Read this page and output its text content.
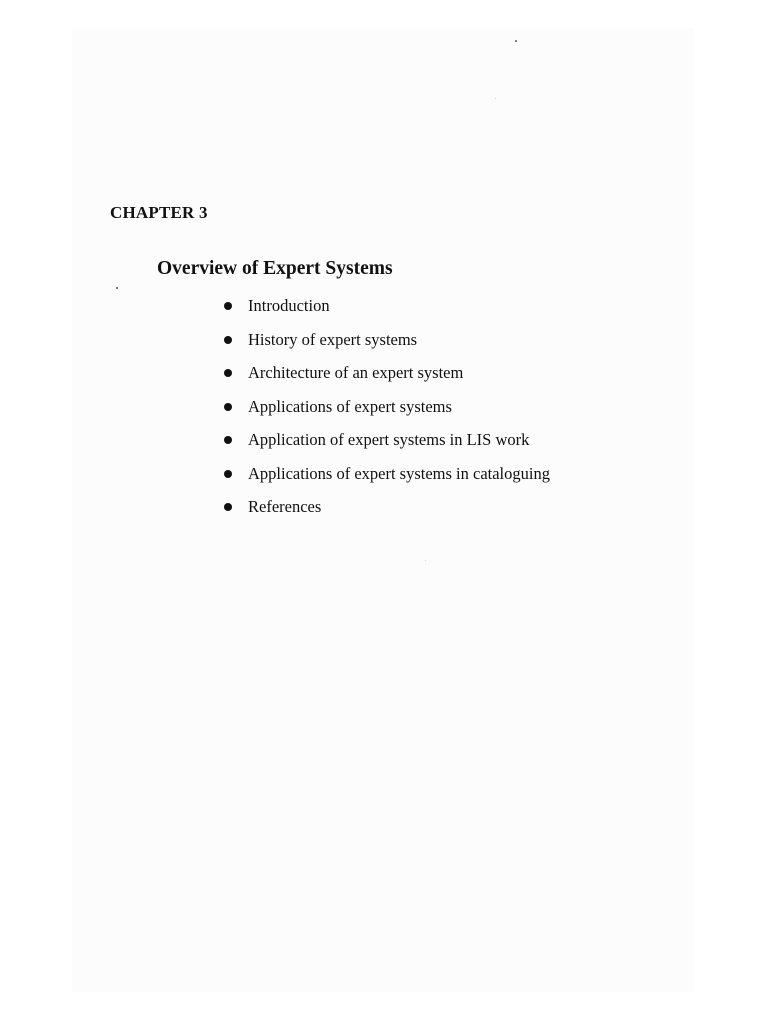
CHAPTER 3
Overview of Expert Systems
Introduction
History of expert systems
Architecture of an expert system
Applications of expert systems
Application of expert systems in LIS work
Applications of expert systems in cataloguing
References
